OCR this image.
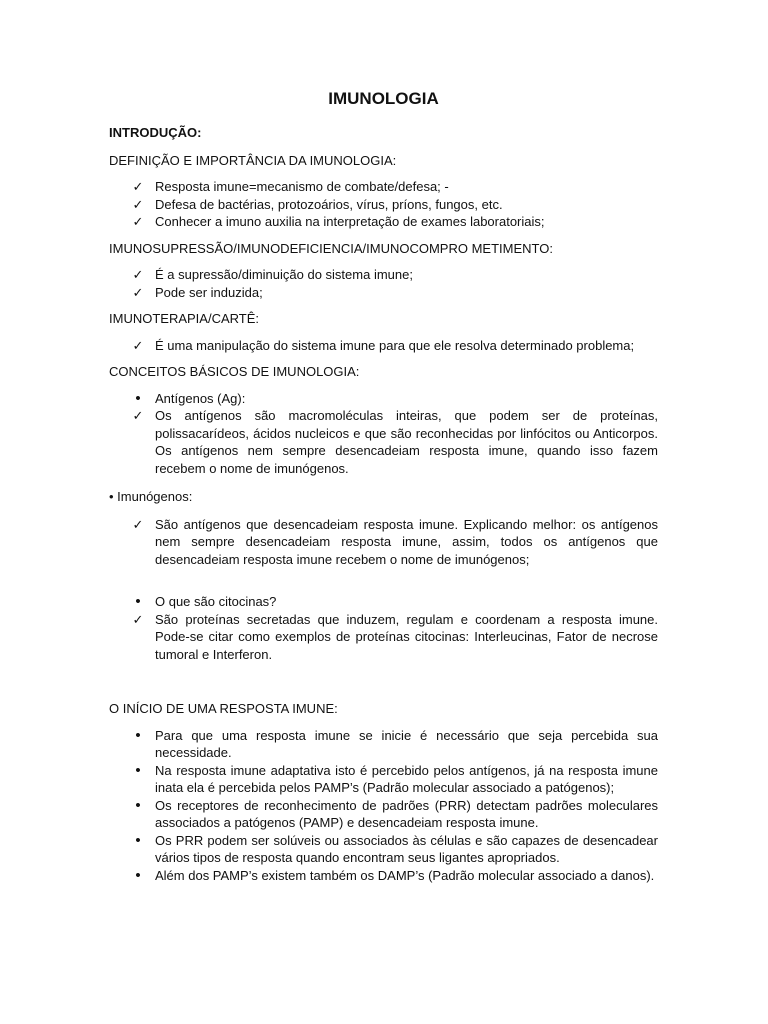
IMUNOLOGIA

INTRODUÇÃO:

DEFINIÇÃO E IMPORTÂNCIA DA IMUNOLOGIA:

✓ Resposta imune=mecanismo de combate/defesa; -
✓ Defesa de bactérias, protozoários, vírus, príons, fungos, etc.
✓ Conhecer a imuno auxilia na interpretação de exames laboratoriais;

IMUNOSUPRESSÃO/IMUNODEFICIENCIA/IMUNOCOMPRO METIMENTO:

✓ É a supressão/diminuição do sistema imune;
✓ Pode ser induzida;

IMUNOTERAPIA/CARTÊ:

✓ É uma manipulação do sistema imune para que ele resolva determinado problema;

CONCEITOS BÁSICOS DE IMUNOLOGIA:

•	Antígenos (Ag):
✓ Os antígenos são macromoléculas inteiras, que podem ser de proteínas, polissacarídeos, ácidos nucleicos e que são reconhecidas por linfócitos ou Anticorpos. Os antígenos nem sempre desencadeiam resposta imune, quando isso fazem recebem o nome de imunógenos.

• Imunógenos:

✓ São antígenos que desencadeiam resposta imune. Explicando melhor: os antígenos nem sempre desencadeiam resposta imune, assim, todos os antígenos que desencadeiam resposta imune recebem o nome de imunógenos;
•	O que são citocinas?
✓ São proteínas secretadas que induzem, regulam e coordenam a resposta imune. Pode-se citar como exemplos de proteínas citocinas: Interleucinas, Fator de necrose tumoral e Interferon.

O INÍCIO DE UMA RESPOSTA IMUNE:

•	Para que uma resposta imune se inicie é necessário que seja percebida sua necessidade.
•	Na resposta imune adaptativa isto é percebido pelos antígenos, já na resposta imune inata ela é percebida pelos PAMP’s (Padrão molecular associado a patógenos);
•	Os receptores de reconhecimento de padrões (PRR) detectam padrões moleculares associados a patógenos (PAMP) e desencadeiam resposta imune.
•	Os PRR podem ser solúveis ou associados às células e são capazes de desencadear vários tipos de resposta quando encontram seus ligantes apropriados.
•	Além dos PAMP’s existem também os DAMP’s (Padrão molecular associado a danos).
